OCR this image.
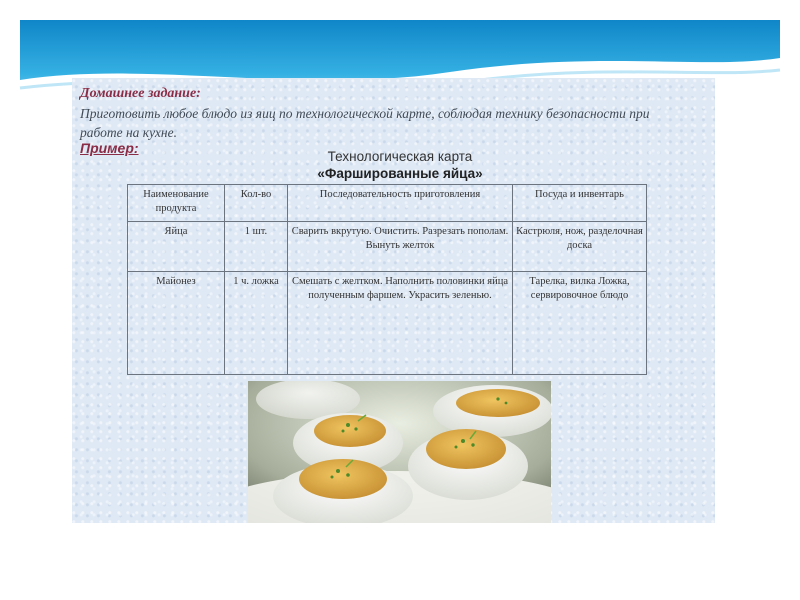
Домашнее задание:
Приготовить любое блюдо из яиц по технологической карте, соблюдая технику безопасности при работе на кухне.
Пример:
Технологическая карта
«Фаршированные яйца»
Наименование продукта	Кол-во	Последовательность приготовления	Посуда и инвентарь
Яйца	1 шт.	Сварить вкрутую. Очистить. Разрезать пополам. Вынуть желток	Кастрюля, нож, разделочная доска
Майонез	1 ч. ложка	Смешать с желтком. Наполнить половинки яйца полученным фаршем. Украсить зеленью.	Тарелка, вилка Ложка, сервировочное блюдо
